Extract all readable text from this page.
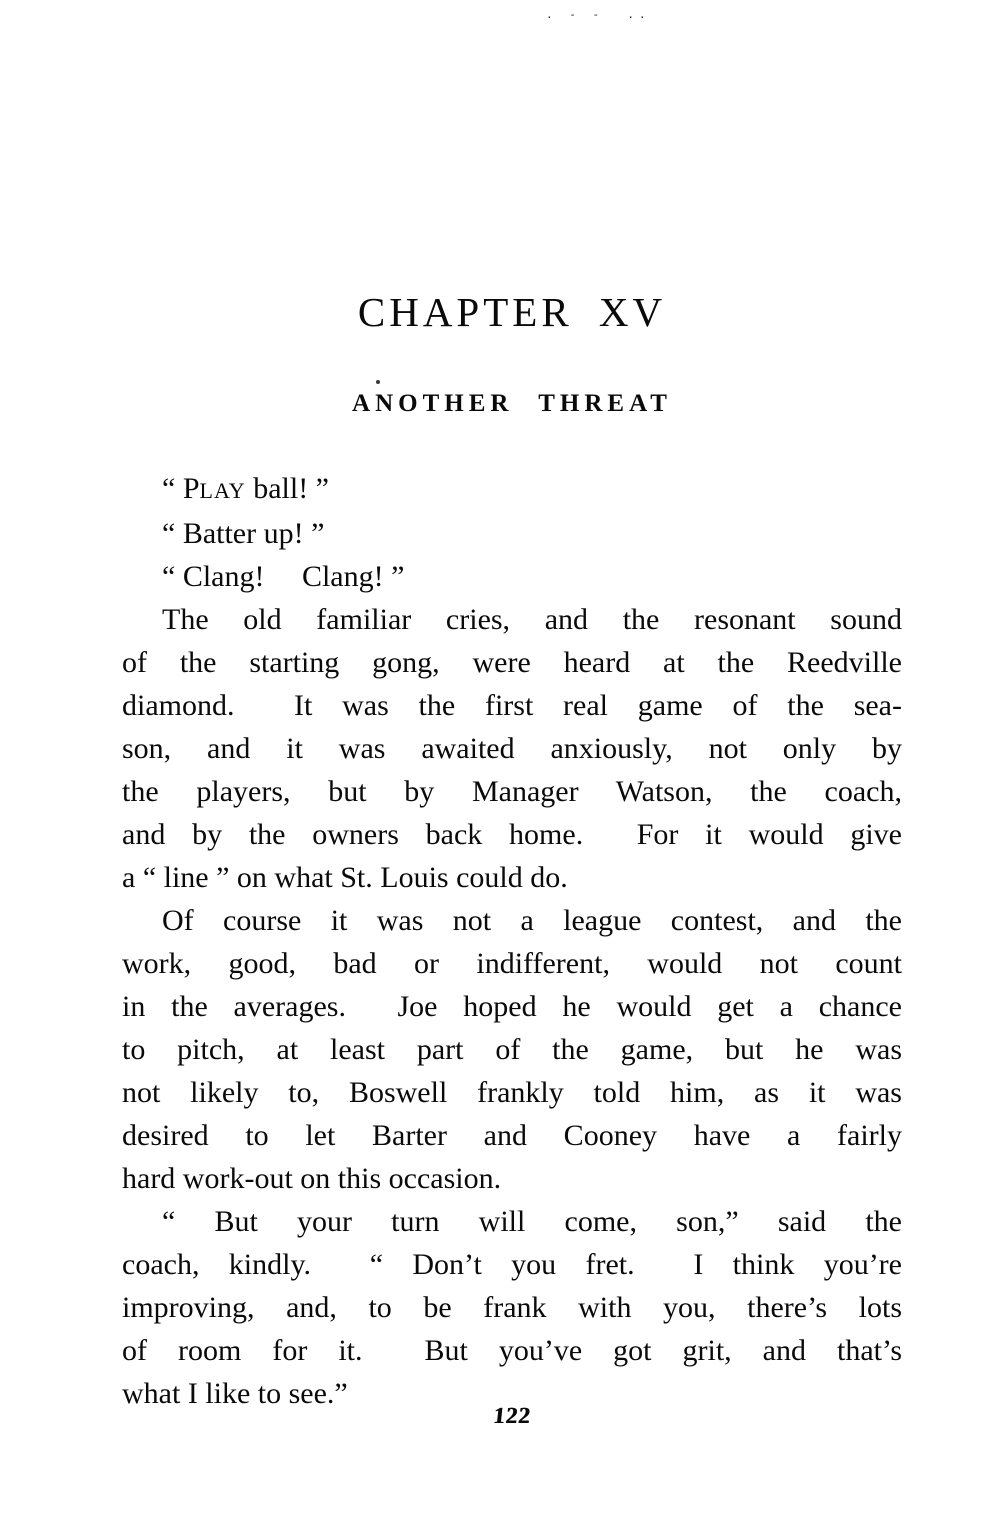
. - -  ..
CHAPTER XV
ANOTHER THREAT
“ PLAY ball! ”
“ Batter up! ”
“ Clang!  Clang! ”
The old familiar cries, and the resonant sound
of the starting gong, were heard at the Reedville
diamond.  It was the first real game of the sea-
son, and it was awaited anxiously, not only by
the players, but by Manager Watson, the coach,
and by the owners back home.  For it would give
a “ line ” on what St. Louis could do.
Of course it was not a league contest, and the
work, good, bad or indifferent, would not count
in the averages.  Joe hoped he would get a chance
to pitch, at least part of the game, but he was
not likely to, Boswell frankly told him, as it was
desired to let Barter and Cooney have a fairly
hard work-out on this occasion.
“ But your turn will come, son,” said the
coach, kindly.  “ Don’t you fret.  I think you’re
improving, and, to be frank with you, there’s lots
of room for it.  But you’ve got grit, and that’s
what I like to see.”
122
